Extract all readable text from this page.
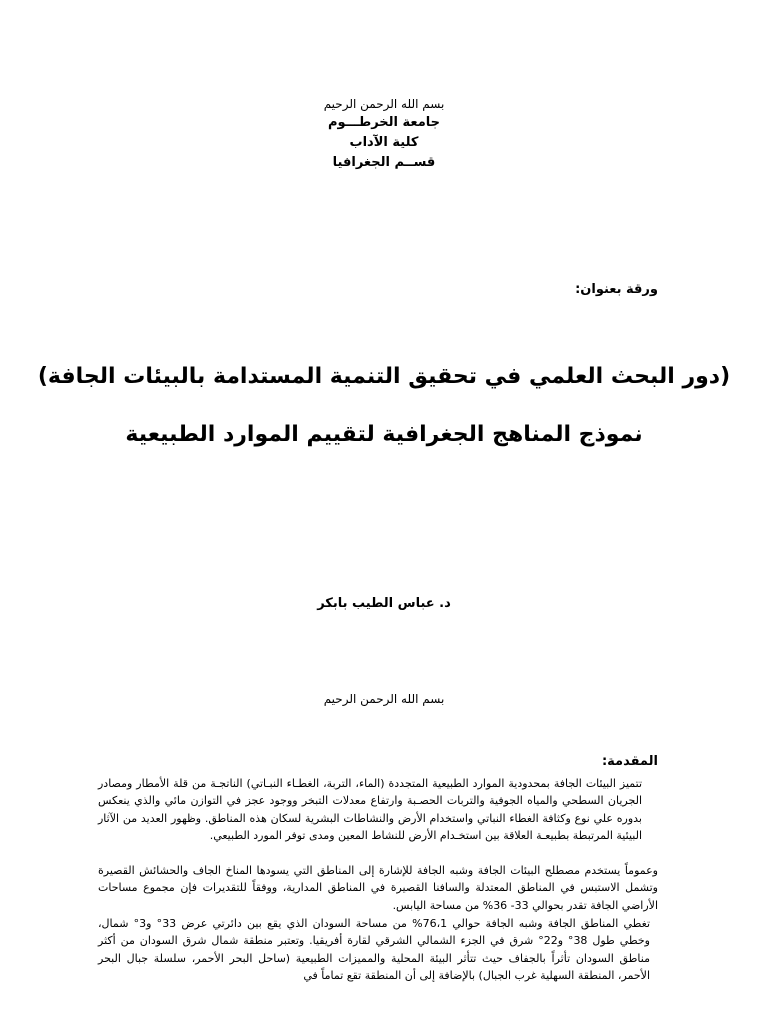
بسم الله الرحمن الرحيم
جامعة الخرطـــوم
كلية الآداب
قســم الجغرافيا
ورقة بعنوان:
(دور البحث العلمي في تحقيق التنمية المستدامة بالبيئات الجافة)
نموذج المناهج الجغرافية لتقييم الموارد الطبيعية
د. عباس الطيب بابكر
بسم الله الرحمن الرحيم
المقدمة:
تتميز البيئات الجافة بمحدودية الموارد الطبيعية المتجددة (الماء، التربة، الغطـاء النبـاتي) الناتجـة من قلة الأمطار ومصادر الجريان السطحي والمياه الجوفية والتربات الحصـبة وارتفاع معدلات التبخر ووجود عجز في التوازن مائي والذي ينعكس بدوره علي نوع وكثافة الغطاء النباتي واستخدام الأرض والنشاطات البشرية لسكان هذه المناطق. وظهور العديد من الآثار البيئية المرتبطة بطبيعـة العلاقة بين استخـدام الأرض للنشاط المعين ومدى توفر المورد الطبيعي.
وعموماً يستخدم مصطلح البيئات الجافة وشبه الجافة للإشارة إلى المناطق التي يسودها المناخ الجاف والحشائش القصيرة وتشمل الاستبس في المناطق المعتدلة والسافنا القصيرة في المناطق المدارية، ووفقاً للتقديرات فإن مجموع مساحات الأراضي الجافة تقدر بحوالي 33- 36% من مساحة اليابس.
تغطي المناطق الجافة وشبه الجافة حوالي 76،1% من مساحة السودان الذي يقع بين دائرتي عرض 33° و3° شمال، وخطي طول 38° و22° شرق في الجزء الشمالي الشرقي لقارة أفريقيا. وتعتبر منطقة شمال شرق السودان من أكثر مناطق السودان تأثراً بالجفاف حيث تتأثر البيئة المحلية والمميزات الطبيعية (ساحل البحر الأحمر، سلسلة جبال البحر الأحمر، المنطقة السهلية غرب الجبال) بالإضافة إلى أن المنطقة تقع تماماً في
